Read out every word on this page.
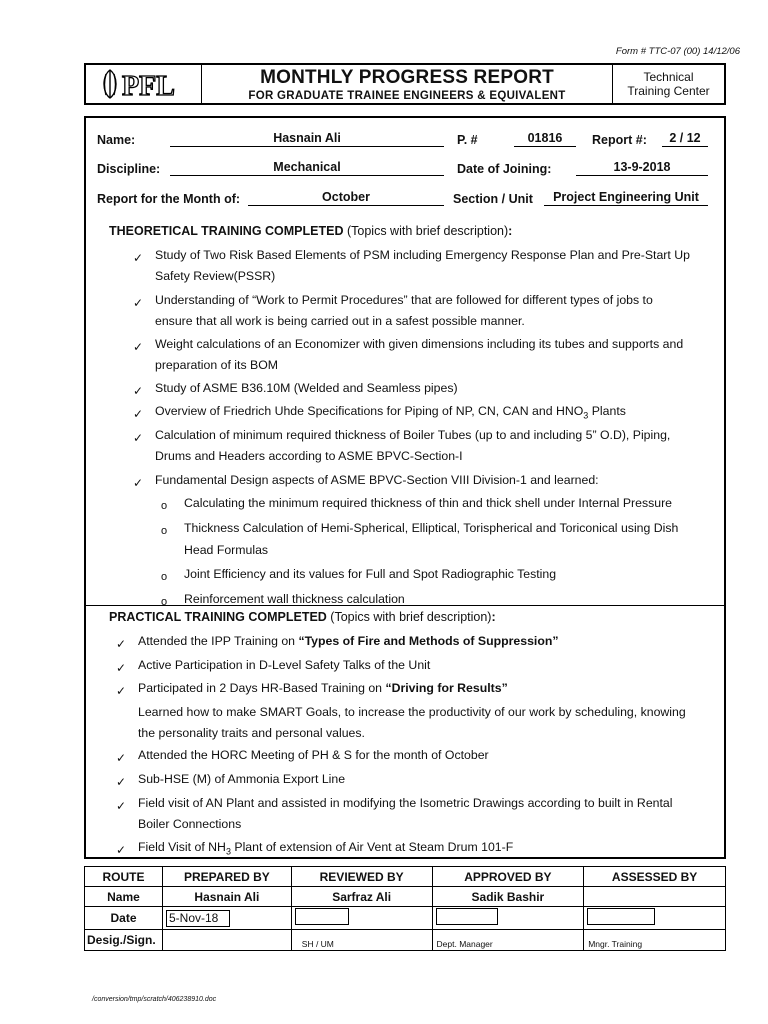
Form # TTC-07 (00) 14/12/06
PFL	MONTHLY PROGRESS REPORT
FOR GRADUATE TRAINEE ENGINEERS & EQUIVALENT
Technical
Training Center
Name:	Hasnain Ali	P. #	01816	Report #:	2 / 12
Discipline:	Mechanical	Date of Joining:	13-9-2018
Report for the Month of:	October	Section / Unit	Project Engineering Unit
THEORETICAL TRAINING COMPLETED (Topics with brief description):
✓ Study of Two Risk Based Elements of PSM including Emergency Response Plan and Pre-Start Up
Safety Review(PSSR)
✓ Understanding of “Work to Permit Procedures” that are followed for different types of jobs to
ensure that all work is being carried out in a safest possible manner.
✓ Weight calculations of an Economizer with given dimensions including its tubes and supports and
preparation of its BOM
✓ Study of ASME B36.10M (Welded and Seamless pipes)
✓ Overview of Friedrich Uhde Specifications for Piping of NP, CN, CAN and $HNO_3$ Plants
✓ Calculation of minimum required thickness of Boiler Tubes (up to and including 5” O.D), Piping,
Drums and Headers according to ASME BPVC-Section-I
✓ Fundamental Design aspects of ASME BPVC-Section VIII Division-1 and learned:
o Calculating the minimum required thickness of thin and thick shell under Internal Pressure
o Thickness Calculation of Hemi-Spherical, Elliptical, Torispherical and Toriconical using Dish
Head Formulas
o Joint Efficiency and its values for Full and Spot Radiographic Testing
o Reinforcement wall thickness calculation
PRACTICAL TRAINING COMPLETED (Topics with brief description):
✓ Attended the IPP Training on “Types of Fire and Methods of Suppression”
✓ Active Participation in D-Level Safety Talks of the Unit
✓ Participated in 2 Days HR-Based Training on “Driving for Results”
Learned how to make SMART Goals, to increase the productivity of our work by scheduling, knowing
the personality traits and personal values.
✓ Attended the HORC Meeting of PH & S for the month of October
✓ Sub-HSE (M) of Ammonia Export Line
✓ Field visit of AN Plant and assisted in modifying the Isometric Drawings according to built in Rental
Boiler Connections
✓ Field Visit of $NH_3$ Plant of extension of Air Vent at Steam Drum 101-F
ROUTE	PREPARED BY	REVIEWED BY	APPROVED BY	ASSESSED BY
Name	Hasnain Ali	Sarfraz Ali	Sadik Bashir	
Date	5-Nov-18			
Desig./Sign.		SH / UM	Dept. Manager	Mngr. Training
/conversion/tmp/scratch/406238910.doc
